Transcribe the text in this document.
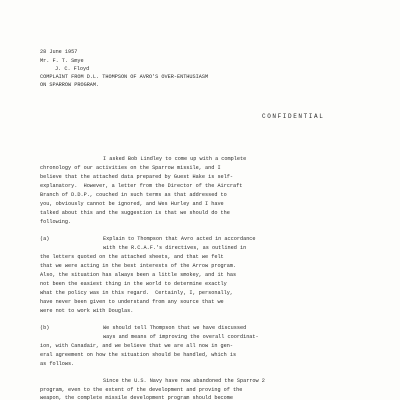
28 June 1957
Mr. F. T. Smye
J. C. Floyd
COMPLAINT FROM D.L. THOMPSON OF AVRO'S OVER-ENTHUSIASM
ON SPARROW PROGRAM.
CONFIDENTIAL
I asked Bob Lindley to come up with a complete
chronology of our activities on the Sparrow missile, and I
believe that the attached data prepared by Guest Hake is self-
explanatory.  However, a letter from the Director of the Aircraft
Branch of D.D.P., couched in such terms as that addressed to
you, obviously cannot be ignored, and Wes Hurley and I have
talked about this and the suggestion is that we should do the
following.
(a)	Explain to Thompson that Avro acted in accordance
with the R.C.A.F.'s directives, as outlined in
the letters quoted on the attached sheets, and that we felt
that we were acting in the best interests of the Arrow program.
Also, the situation has always been a little smokey, and it has
not been the easiest thing in the world to determine exactly
what the policy was in this regard.  Certainly, I, personally,
have never been given to understand from any source that we
were not to work with Douglas.
(b)	We should tell Thompson that we have discussed
ways and means of improving the overall coordinat-
ion, with Canadair, and we believe that we are all now in gen-
eral agreement on how the situation should be handled, which is
as follows.
Since the U.S. Navy have now abandoned the Sparrow 2
program, even to the extent of the development and proving of the
weapon, the complete missile development program should become
